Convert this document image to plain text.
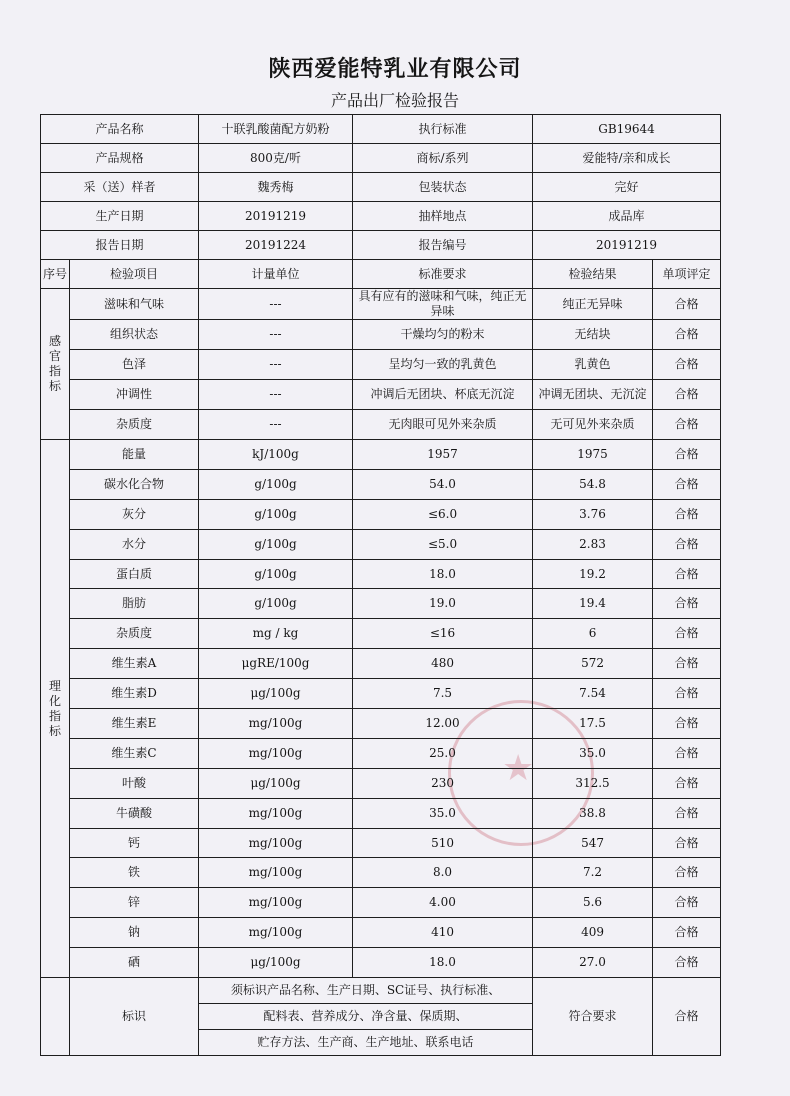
陕西爱能特乳业有限公司
产品出厂检验报告
★
产品名称		十联乳酸菌配方奶粉	执行标准	GB19644	
产品规格		800克/听	商标/系列	爱能特/亲和成长	
采（送）样者		魏秀梅	包装状态	完好	
生产日期		20191219	抽样地点	成品库	
报告日期		20191224	报告编号	20191219	
序号	检验项目	计量单位	标准要求	检验结果	单项评定

感
官
指
标	滋味和气味	---	具有应有的滋味和气味，纯正无异味	纯正无异味	合格
	组织状态	---	干燥均匀的粉末	无结块	合格
	色泽	---	呈均匀一致的乳黄色	乳黄色	合格
	冲调性	---	冲调后无团块、杯底无沉淀	冲调无团块、无沉淀	合格
	杂质度	---	无肉眼可见外来杂质	无可见外来杂质	合格

理
化
指
标	能量	kJ/100g	1957	1975	合格
	碳水化合物	g/100g	54.0	54.8	合格
	灰分	g/100g	≤6.0	3.76	合格
	水分	g/100g	≤5.0	2.83	合格
	蛋白质	g/100g	18.0	19.2	合格
	脂肪	g/100g	19.0	19.4	合格
	杂质度	mg / kg	≤16	6	合格
	维生素A	μgRE/100g	480	572	合格
	维生素D	μg/100g	7.5	7.54	合格
	维生素E	mg/100g	12.00	17.5	合格
	维生素C	mg/100g	25.0	35.0	合格
	叶酸	μg/100g	230	312.5	合格
	牛磺酸	mg/100g	35.0	38.8	合格
	钙	mg/100g	510	547	合格
	铁	mg/100g	8.0	7.2	合格
	锌	mg/100g	4.00	5.6	合格
	钠	mg/100g	410	409	合格
	硒	μg/100g	18.0	27.0	合格
	标识	须标识产品名称、生产日期、SC证号、执行标准、		符合要求	合格
		配料表、营养成分、净含量、保质期、			
		贮存方法、生产商、生产地址、联系电话			
